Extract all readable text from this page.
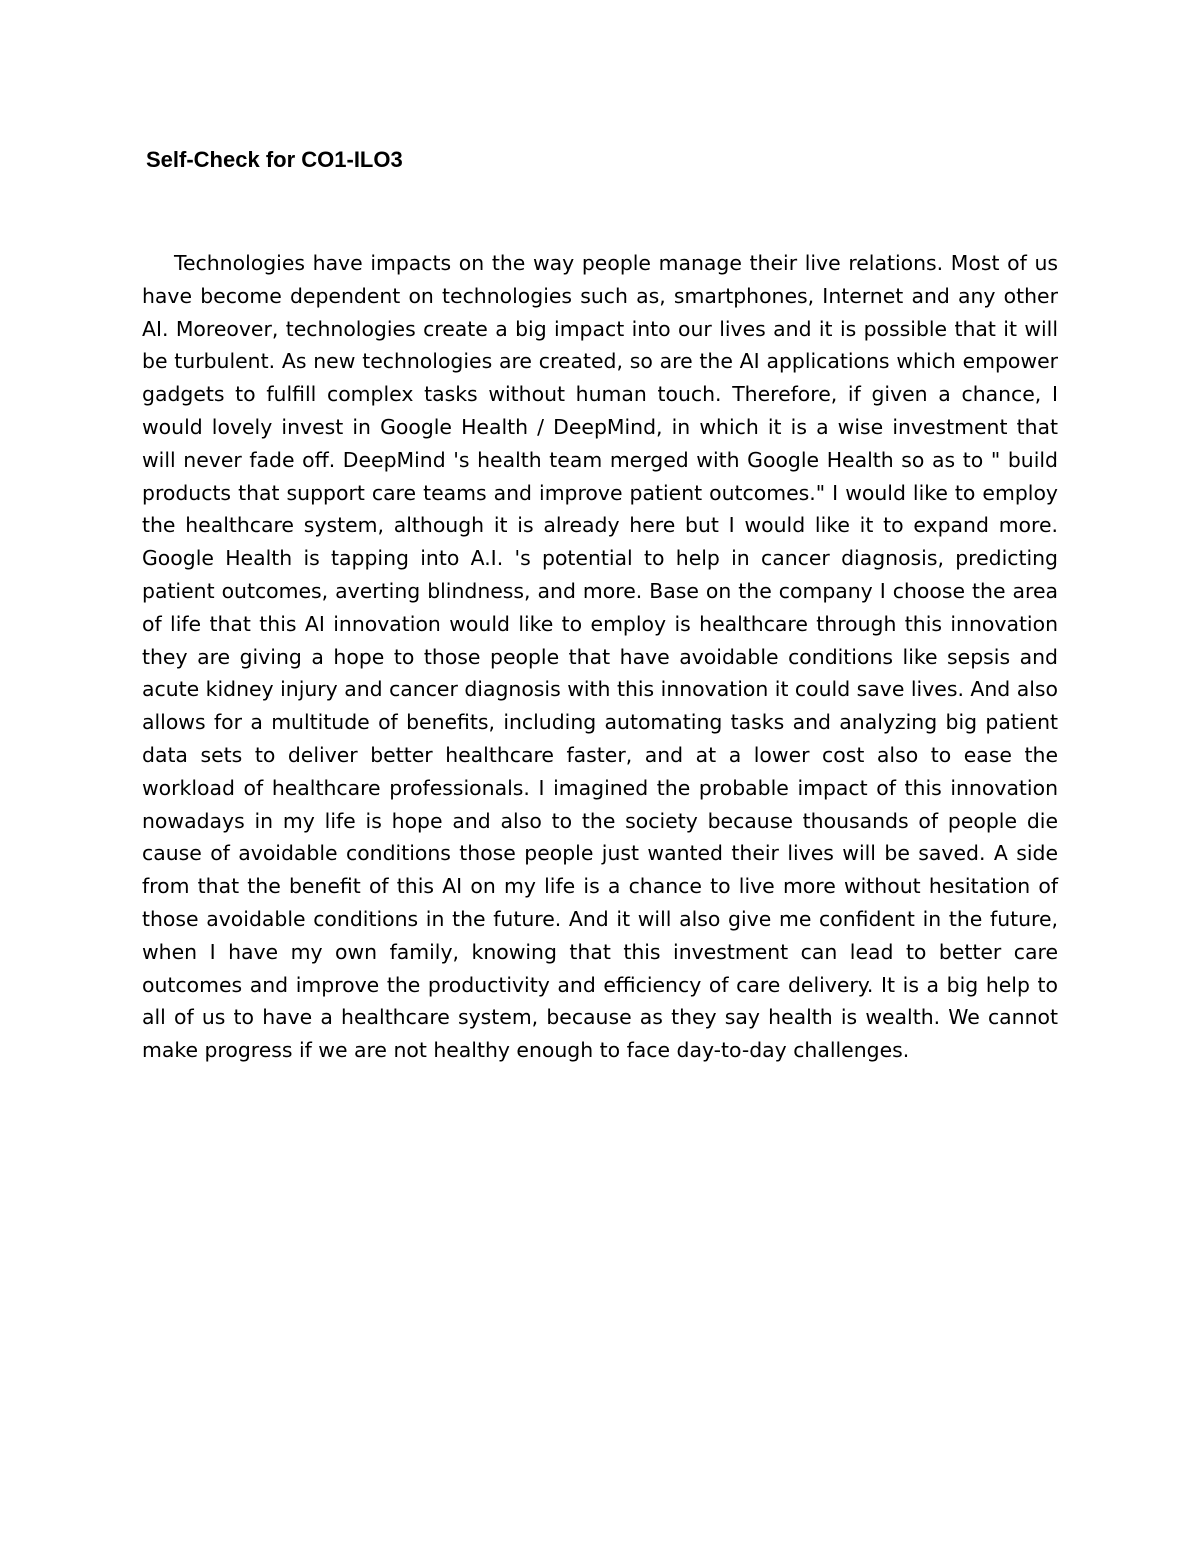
Self-Check for CO1-ILO3

Technologies have impacts on the way people manage their live relations. Most of us have become dependent on technologies such as, smartphones, Internet and any other AI. Moreover, technologies create a big impact into our lives and it is possible that it will be turbulent. As new technologies are created, so are the AI applications which empower gadgets to fulfill complex tasks without human touch. Therefore, if given a chance, I would lovely invest in Google Health / DeepMind, in which it is a wise investment that will never fade off. DeepMind 's health team merged with Google Health so as to " build products that support care teams and improve patient outcomes." I would like to employ the healthcare system, although it is already here but I would like it to expand more. Google Health is tapping into A.I. 's potential to help in cancer diagnosis, predicting patient outcomes, averting blindness, and more. Base on the company I choose the area of life that this AI innovation would like to employ is healthcare through this innovation they are giving a hope to those people that have avoidable conditions like sepsis and acute kidney injury and cancer diagnosis with this innovation it could save lives. And also allows for a multitude of benefits, including automating tasks and analyzing big patient data sets to deliver better healthcare faster, and at a lower cost also to ease the workload of healthcare professionals. I imagined the probable impact of this innovation nowadays in my life is hope and also to the society because thousands of people die cause of avoidable conditions those people just wanted their lives will be saved. A side from that the benefit of this AI on my life is a chance to live more without hesitation of those avoidable conditions in the future. And it will also give me confident in the future, when I have my own family, knowing that this investment can lead to better care outcomes and improve the productivity and efficiency of care delivery. It is a big help to all of us to have a healthcare system, because as they say health is wealth. We cannot make progress if we are not healthy enough to face day-to-day challenges.
